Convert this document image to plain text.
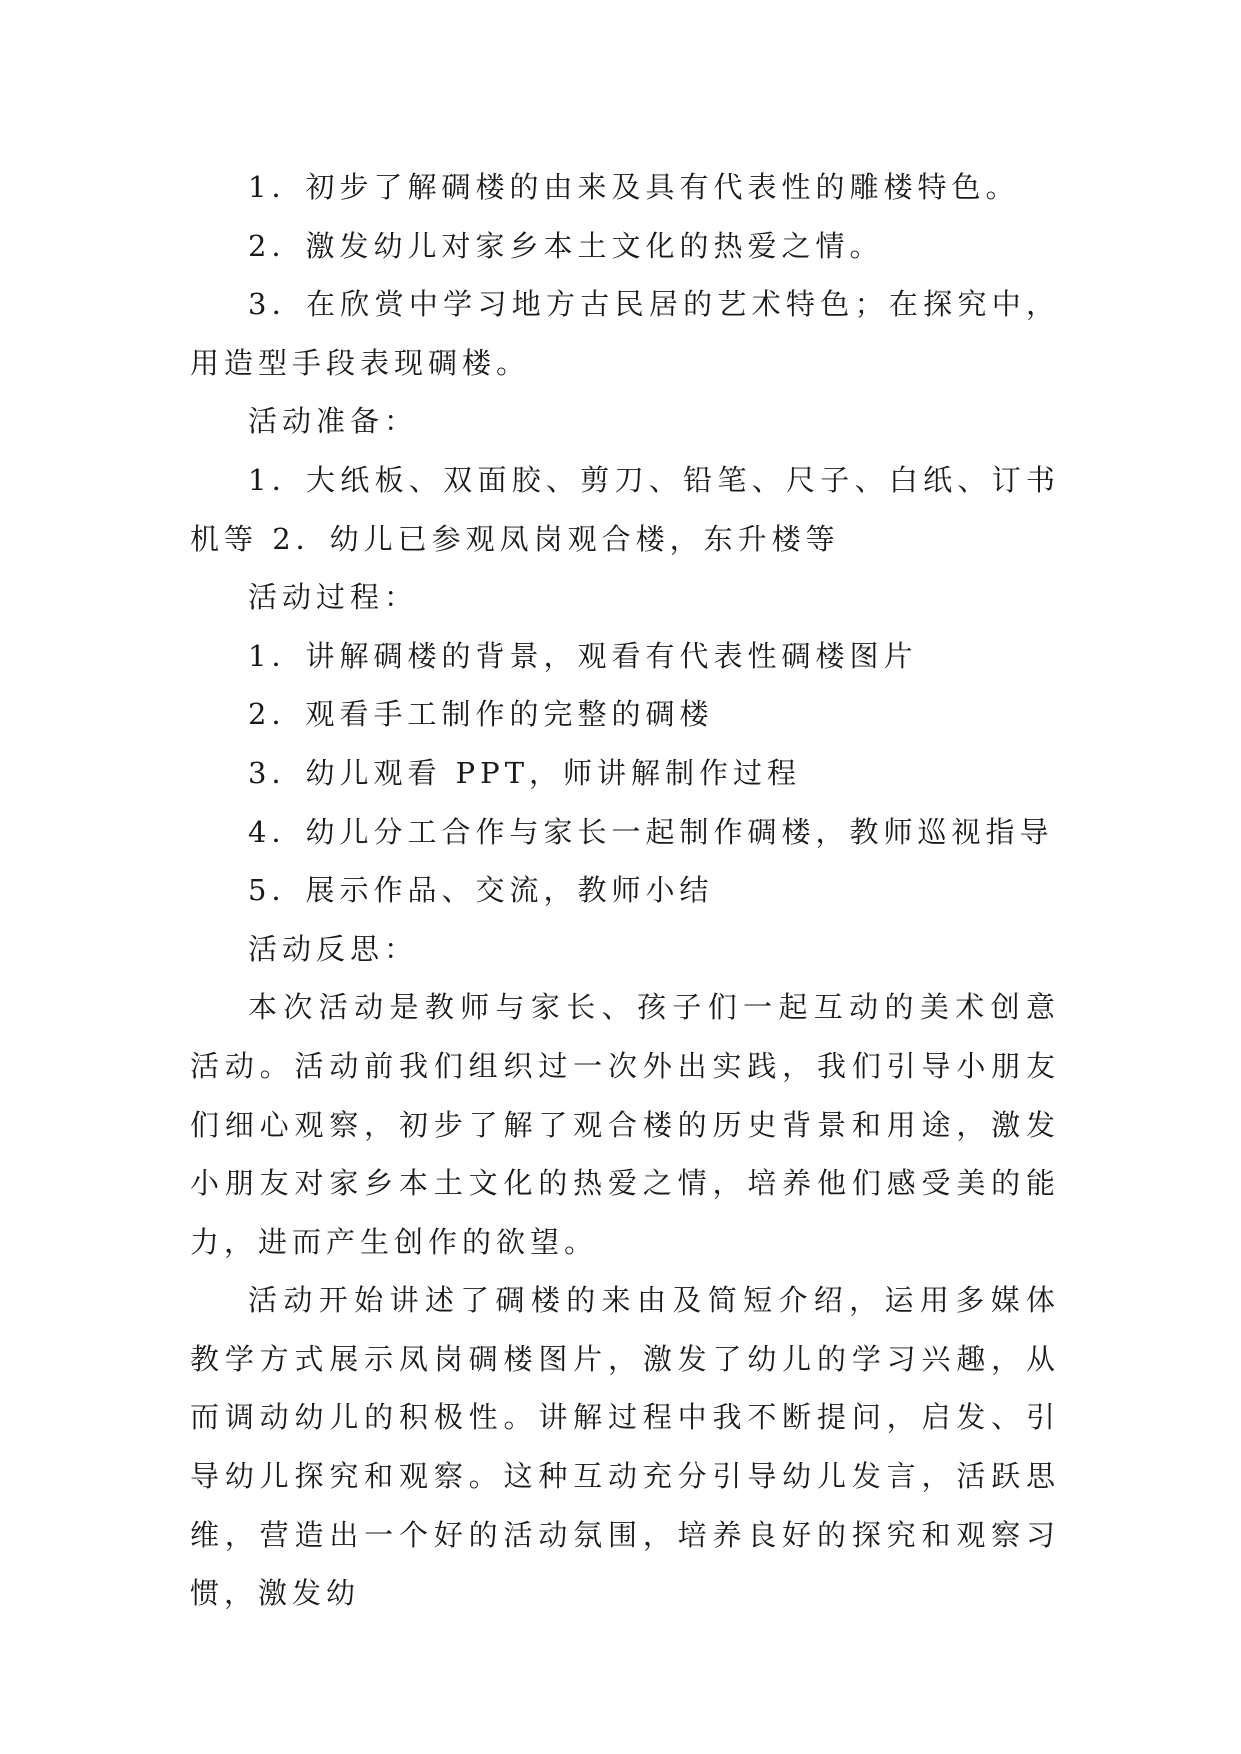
1．初步了解碉楼的由来及具有代表性的雕楼特色。

2．激发幼儿对家乡本土文化的热爱之情。

3．在欣赏中学习地方古民居的艺术特色；在探究中，用造型手段表现碉楼。

活动准备：

1．大纸板、双面胶、剪刀、铅笔、尺子、白纸、订书机等 2．幼儿已参观凤岗观合楼，东升楼等

活动过程：

1．讲解碉楼的背景，观看有代表性碉楼图片

2．观看手工制作的完整的碉楼

3．幼儿观看 PPT，师讲解制作过程

4．幼儿分工合作与家长一起制作碉楼，教师巡视指导

5．展示作品、交流，教师小结

活动反思：

本次活动是教师与家长、孩子们一起互动的美术创意活动。活动前我们组织过一次外出实践，我们引导小朋友们细心观察，初步了解了观合楼的历史背景和用途，激发小朋友对家乡本土文化的热爱之情，培养他们感受美的能力，进而产生创作的欲望。

活动开始讲述了碉楼的来由及简短介绍，运用多媒体教学方式展示凤岗碉楼图片，激发了幼儿的学习兴趣，从而调动幼儿的积极性。讲解过程中我不断提问，启发、引导幼儿探究和观察。这种互动充分引导幼儿发言，活跃思维，营造出一个好的活动氛围，培养良好的探究和观察习惯，激发幼
